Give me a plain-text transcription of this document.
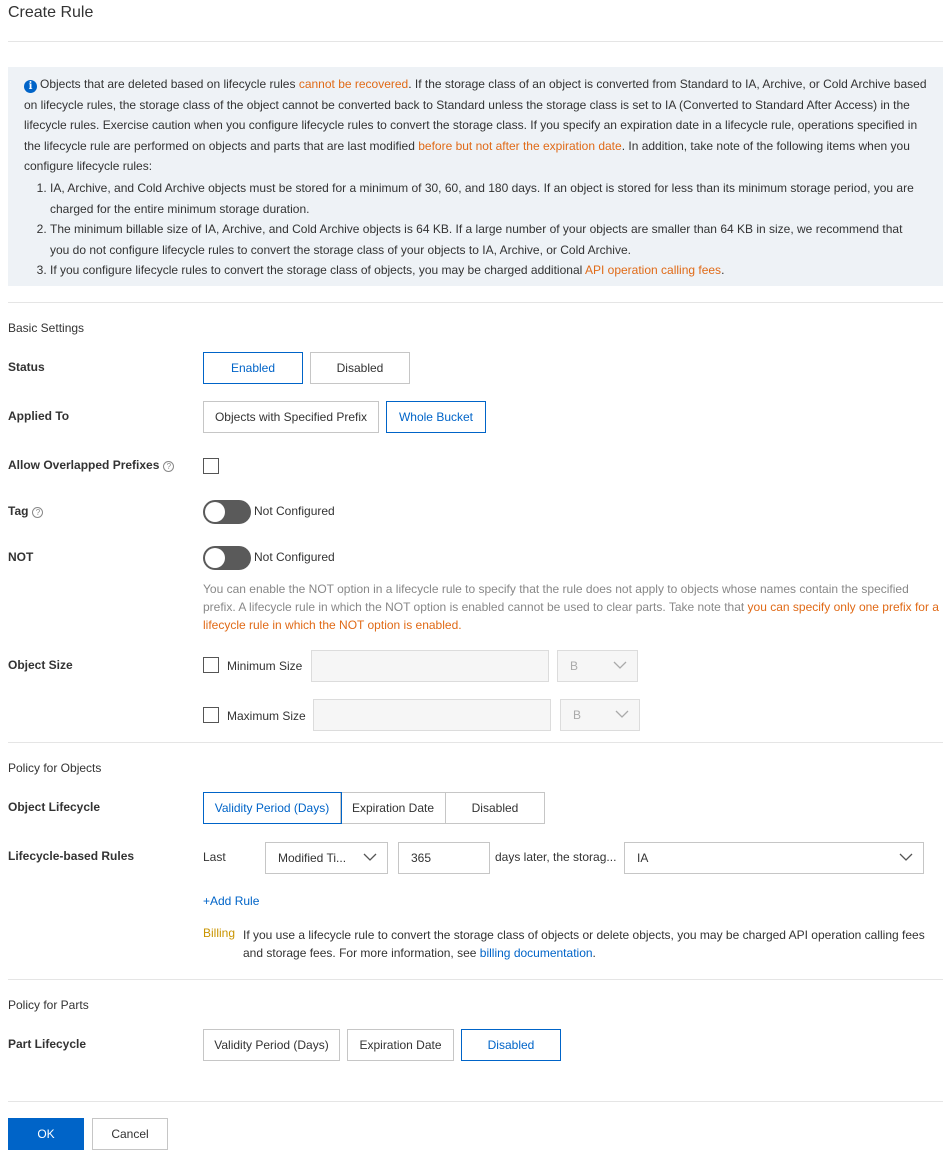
Create Rule

i Objects that are deleted based on lifecycle rules cannot be recovered. If the storage class of an object is converted from Standard to IA, Archive, or Cold Archive based on lifecycle rules, the storage class of the object cannot be converted back to Standard unless the storage class is set to IA (Converted to Standard After Access) in the lifecycle rules. Exercise caution when you configure lifecycle rules to convert the storage class. If you specify an expiration date in a lifecycle rule, operations specified in the lifecycle rule are performed on objects and parts that are last modified before but not after the expiration date. In addition, take note of the following items when you configure lifecycle rules:

1. IA, Archive, and Cold Archive objects must be stored for a minimum of 30, 60, and 180 days. If an object is stored for less than its minimum storage period, you are charged for the entire minimum storage duration.
2. The minimum billable size of IA, Archive, and Cold Archive objects is 64 KB. If a large number of your objects are smaller than 64 KB in size, we recommend that you do not configure lifecycle rules to convert the storage class of your objects to IA, Archive, or Cold Archive.
3. If you configure lifecycle rules to convert the storage class of objects, you may be charged additional API operation calling fees.
Basic Settings
Status	Enabled	Disabled
Applied To	Objects with Specified Prefix	Whole Bucket
Allow Overlapped Prefixes ?
Tag ?	Not Configured
NOT	Not Configured
You can enable the NOT option in a lifecycle rule to specify that the rule does not apply to objects whose names contain the specified prefix. A lifecycle rule in which the NOT option is enabled cannot be used to clear parts. Take note that you can specify only one prefix for a lifecycle rule in which the NOT option is enabled.
Object Size	Minimum Size	B
Maximum Size	B
Policy for Objects
Object Lifecycle	Validity Period (Days)	Expiration Date	Disabled
Lifecycle-based Rules	Last	Modified Ti...	365	days later, the storag... IA
+Add Rule
Billing If you use a lifecycle rule to convert the storage class of objects or delete objects, you may be charged API operation calling fees and storage fees. For more information, see billing documentation.
Policy for Parts
Part Lifecycle	Validity Period (Days)	Expiration Date	Disabled
OK	Cancel
